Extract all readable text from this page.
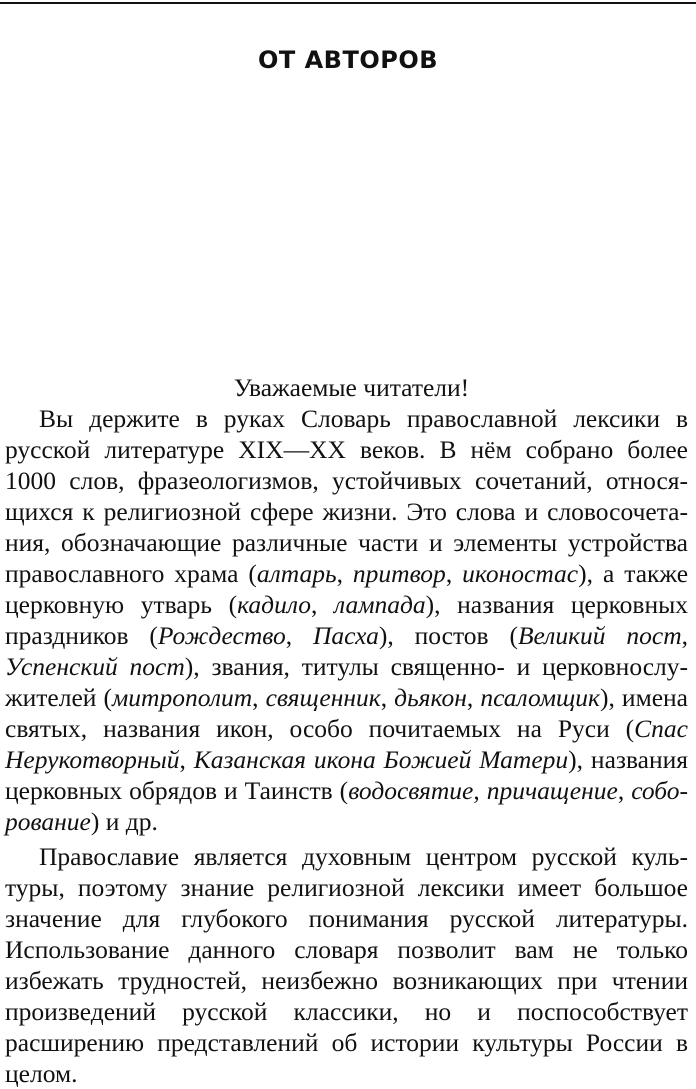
ОТ АВТОРОВ

Уважаемые читатели!

Вы держите в руках Словарь православной лексики в русской литературе XIX—XX веков. В нём собрано более 1000 слов, фразеологизмов, устойчивых сочетаний, относящихся к религиозной сфере жизни. Это слова и словосочетания, обозначающие различные части и элементы устройства православного храма (алтарь, притвор, иконостас), а также церковную утварь (кадило, лампада), названия церковных праздников (Рождество, Пасха), постов (Великий пост, Успенский пост), звания, титулы священно- и церковнослужителей (митрополит, священник, дьякон, псаломщик), имена святых, названия икон, особо почитаемых на Руси (Спас Нерукотворный, Казанская икона Божией Матери), названия церковных обрядов и Таинств (водосвятие, причащение, соборование) и др.

Православие является духовным центром русской культуры, поэтому знание религиозной лексики имеет большое значение для глубокого понимания русской литературы. Использование данного словаря позволит вам не только избежать трудностей, неизбежно возникающих при чтении произведений русской классики, но и поспособствует расширению представлений об истории культуры России в целом.
